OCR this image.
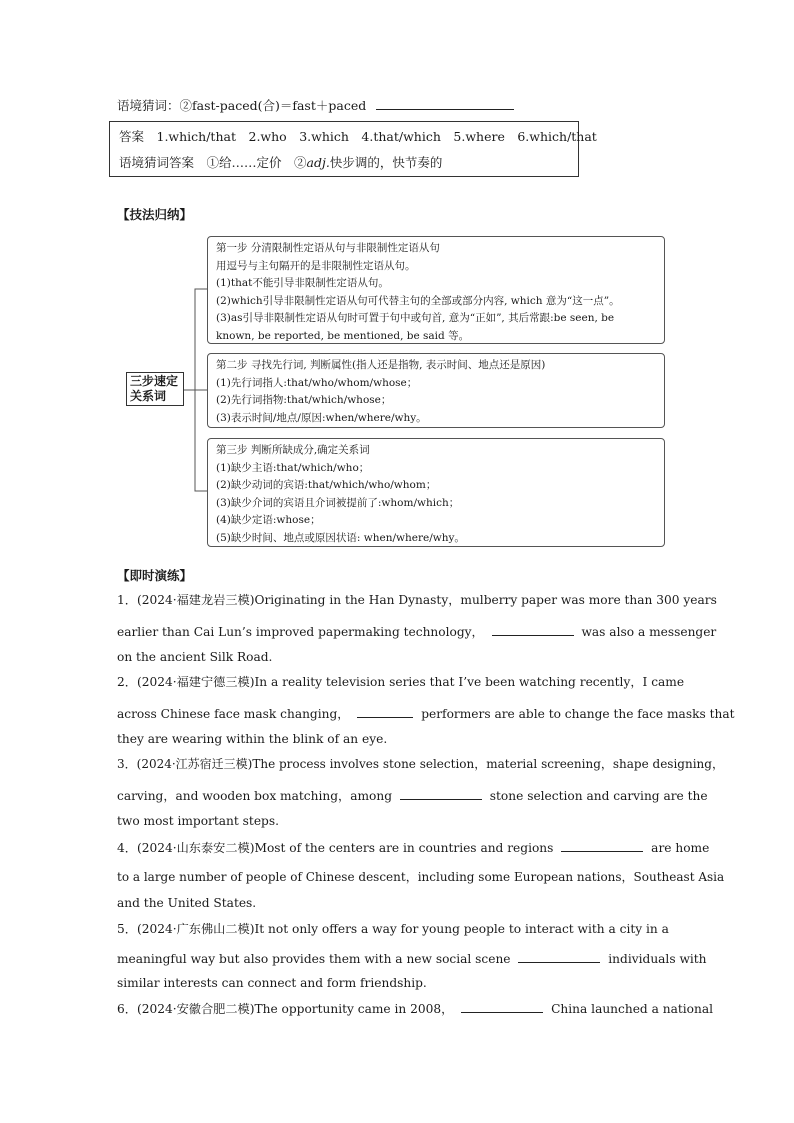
语境猜词：②fast-paced(合)＝fast＋paced
答案　1.which/that　2.who　3.which　4.that/which　5.where　6.which/that
语境猜词答案　①给……定价　②adj.快步调的，快节奏的
【技法归纳】
三步速定
关系词
第一步 分清限制性定语从句与非限制性定语从句
用逗号与主句隔开的是非限制性定语从句。
(1)that不能引导非限制性定语从句。
(2)which引导非限制性定语从句可代替主句的全部或部分内容, which 意为“这一点”。
(3)as引导非限制性定语从句时可置于句中或句首, 意为“正如”, 其后常跟:be seen, be
known, be reported, be mentioned, be said 等。
第二步 寻找先行词, 判断属性(指人还是指物, 表示时间、地点还是原因)
(1)先行词指人:that/who/whom/whose；
(2)先行词指物:that/which/whose；
(3)表示时间/地点/原因:when/where/why。
第三步 判断所缺成分,确定关系词
(1)缺少主语:that/which/who；
(2)缺少动词的宾语:that/which/who/whom；
(3)缺少介词的宾语且介词被提前了:whom/which；
(4)缺少定语:whose；
(5)缺少时间、地点或原因状语: when/where/why。
【即时演练】
1．(2024·福建龙岩三模)Originating in the Han Dynasty，mulberry paper was more than 300 years
earlier than Cai Lun’s improved papermaking technology，	was also a messenger
on the ancient Silk Road.
2．(2024·福建宁德三模)In a reality television series that I’ve been watching recently，I came
across Chinese face mask changing，	performers are able to change the face masks that
they are wearing within the blink of an eye.
3．(2024·江苏宿迁三模)The process involves stone selection，material screening，shape designing，
carving，and wooden box matching，among	stone selection and carving are the
two most important steps.
4．(2024·山东泰安二模)Most of the centers are in countries and regions	are home
to a large number of people of Chinese descent，including some European nations，Southeast Asia
and the United States.
5．(2024·广东佛山二模)It not only offers a way for young people to interact with a city in a
meaningful way but also provides them with a new social scene	individuals with
similar interests can connect and form friendship.
6．(2024·安徽合肥二模)The opportunity came in 2008，	China launched a national
